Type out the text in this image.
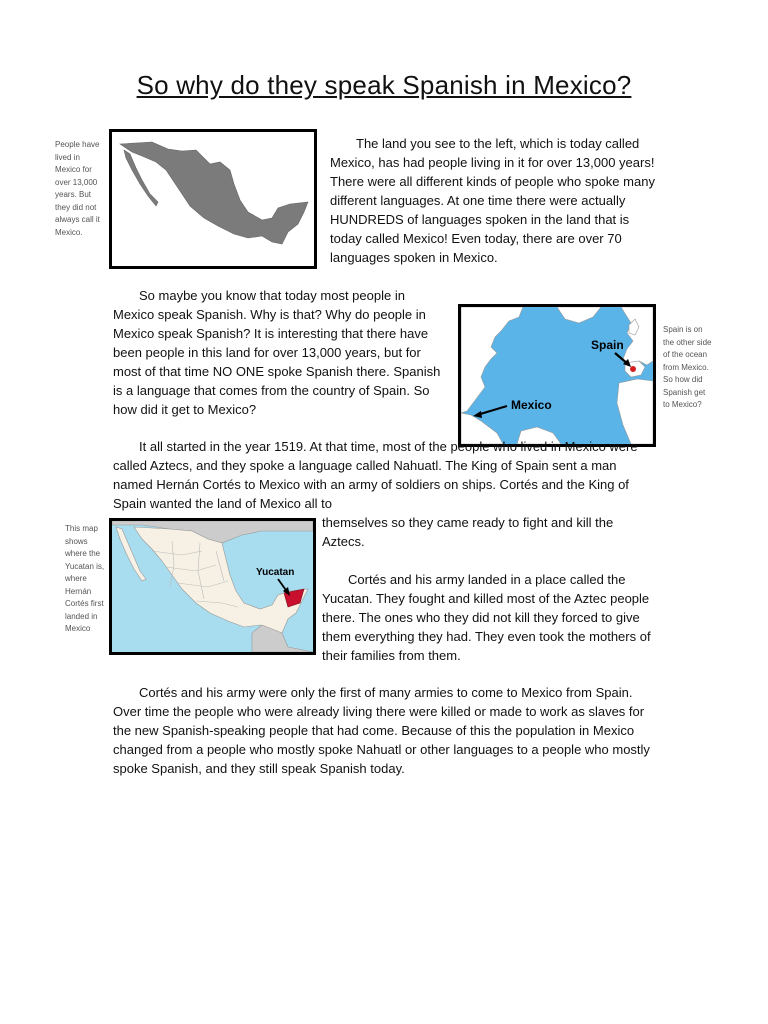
So why do they speak Spanish in Mexico?
People have lived in Mexico for over 13,000 years. But they did not always call it Mexico.

The land you see to the left, which is today called Mexico, has had people living in it for over 13,000 years! There were all different kinds of people who spoke many different languages. At one time there were actually HUNDREDS of languages spoken in the land that is today called Mexico! Even today, there are over 70 languages spoken in Mexico.

So maybe you know that today most people in Mexico speak Spanish. Why is that? Why do people in Mexico speak Spanish? It is interesting that there have been people in this land for over 13,000 years, but for most of that time NO ONE spoke Spanish there. Spanish is a language that comes from the country of Spain. So how did it get to Mexico?

Spain
Mexico
Spain is on the other side of the ocean from Mexico. So how did Spanish get to Mexico?

It all started in the year 1519. At that time, most of the people who lived in Mexico were called Aztecs, and they spoke a language called Nahuatl. The King of Spain sent a man named Hernán Cortés to Mexico with an army of soldiers on ships. Cortés and the King of Spain wanted the land of Mexico all to

themselves so they came ready to fight and kill the Aztecs.

This map shows where the Yucatan is, where Hernán Cortés first landed in Mexico
Yucatan	Cortés and his army landed in a place called the Yucatan. They fought and killed most of the Aztec people there. The ones who they did not kill they forced to give them everything they had. They even took the mothers of their families from them.

Cortés and his army were only the first of many armies to come to Mexico from Spain. Over time the people who were already living there were killed or made to work as slaves for the new Spanish-speaking people that had come. Because of this the population in Mexico changed from a people who mostly spoke Nahuatl or other languages to a people who mostly spoke Spanish, and they still speak Spanish today.
